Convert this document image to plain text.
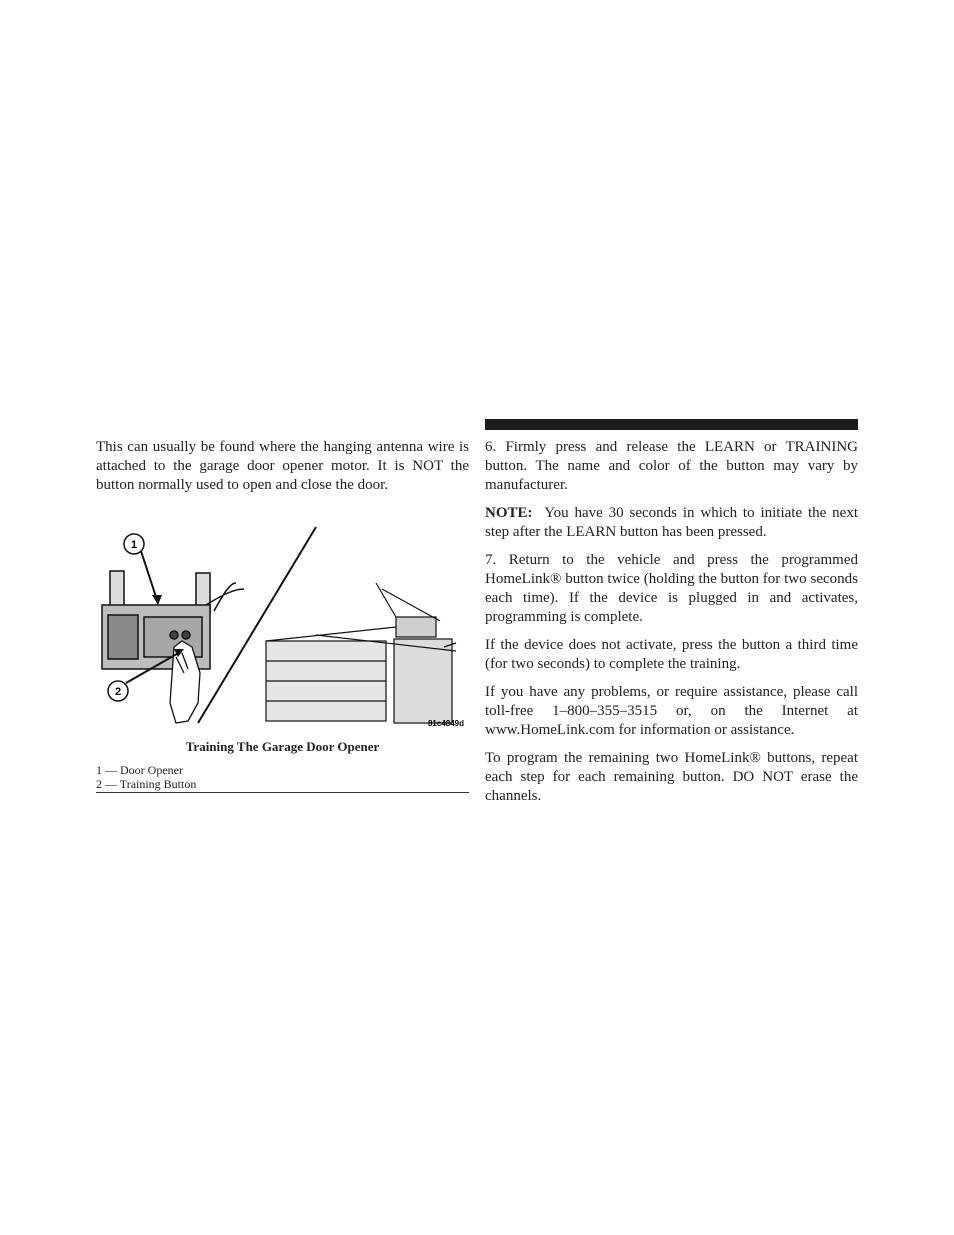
This can usually be found where the hanging antenna wire is attached to the garage door opener motor. It is NOT the button normally used to open and close the door.

1
2
81c4849d
Training The Garage Door Opener
1 — Door Opener
2 — Training Button

6. Firmly press and release the LEARN or TRAINING button. The name and color of the button may vary by manufacturer.

NOTE: You have 30 seconds in which to initiate the next step after the LEARN button has been pressed.

7. Return to the vehicle and press the programmed HomeLink® button twice (holding the button for two seconds each time). If the device is plugged in and activates, programming is complete.

If the device does not activate, press the button a third time (for two seconds) to complete the training.

If you have any problems, or require assistance, please call toll-free 1–800–355–3515 or, on the Internet at www.HomeLink.com for information or assistance.

To program the remaining two HomeLink® buttons, repeat each step for each remaining button. DO NOT erase the channels.
